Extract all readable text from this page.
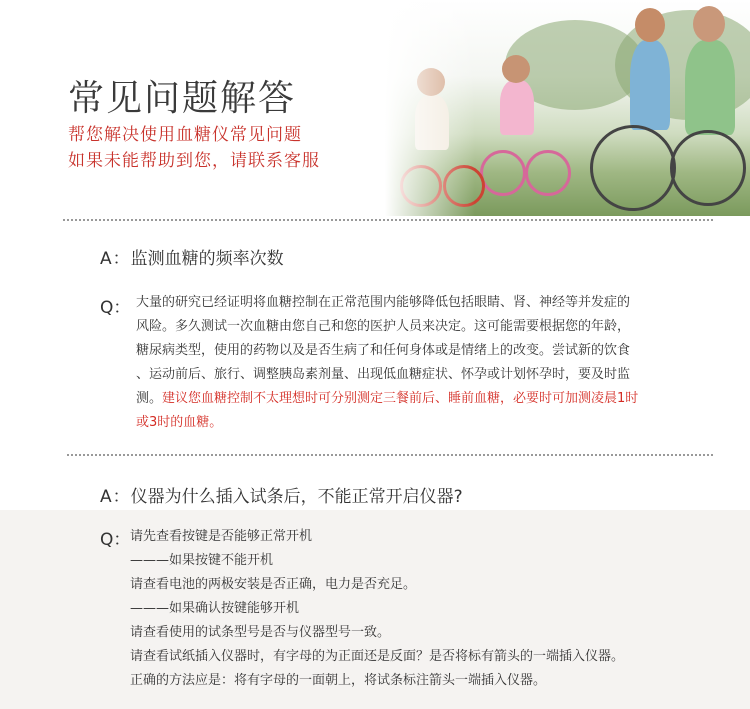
常见问题解答
帮您解决使用血糖仪常见问题
如果未能帮助到您，请联系客服
A：监测血糖的频率次数
Q： 大量的研究已经证明将血糖控制在正常范围内能够降低包括眼睛、肾、神经等并发症的
风险。多久测试一次血糖由您自己和您的医护人员来决定。这可能需要根据您的年龄，
糖尿病类型，使用的药物以及是否生病了和任何身体或是情绪上的改变。尝试新的饮食
、运动前后、旅行、调整胰岛素剂量、出现低血糖症状、怀孕或计划怀孕时，要及时监
测。建议您血糖控制不太理想时可分别测定三餐前后、睡前血糖，必要时可加测凌晨1时
或3时的血糖。
A：仪器为什么插入试条后，不能正常开启仪器?
Q： 请先查看按键是否能够正常开机
———如果按键不能开机
请查看电池的两极安装是否正确，电力是否充足。
———如果确认按键能够开机
请查看使用的试条型号是否与仪器型号一致。
请查看试纸插入仪器时，有字母的为正面还是反面？是否将标有箭头的一端插入仪器。
正确的方法应是：将有字母的一面朝上，将试条标注箭头一端插入仪器。
